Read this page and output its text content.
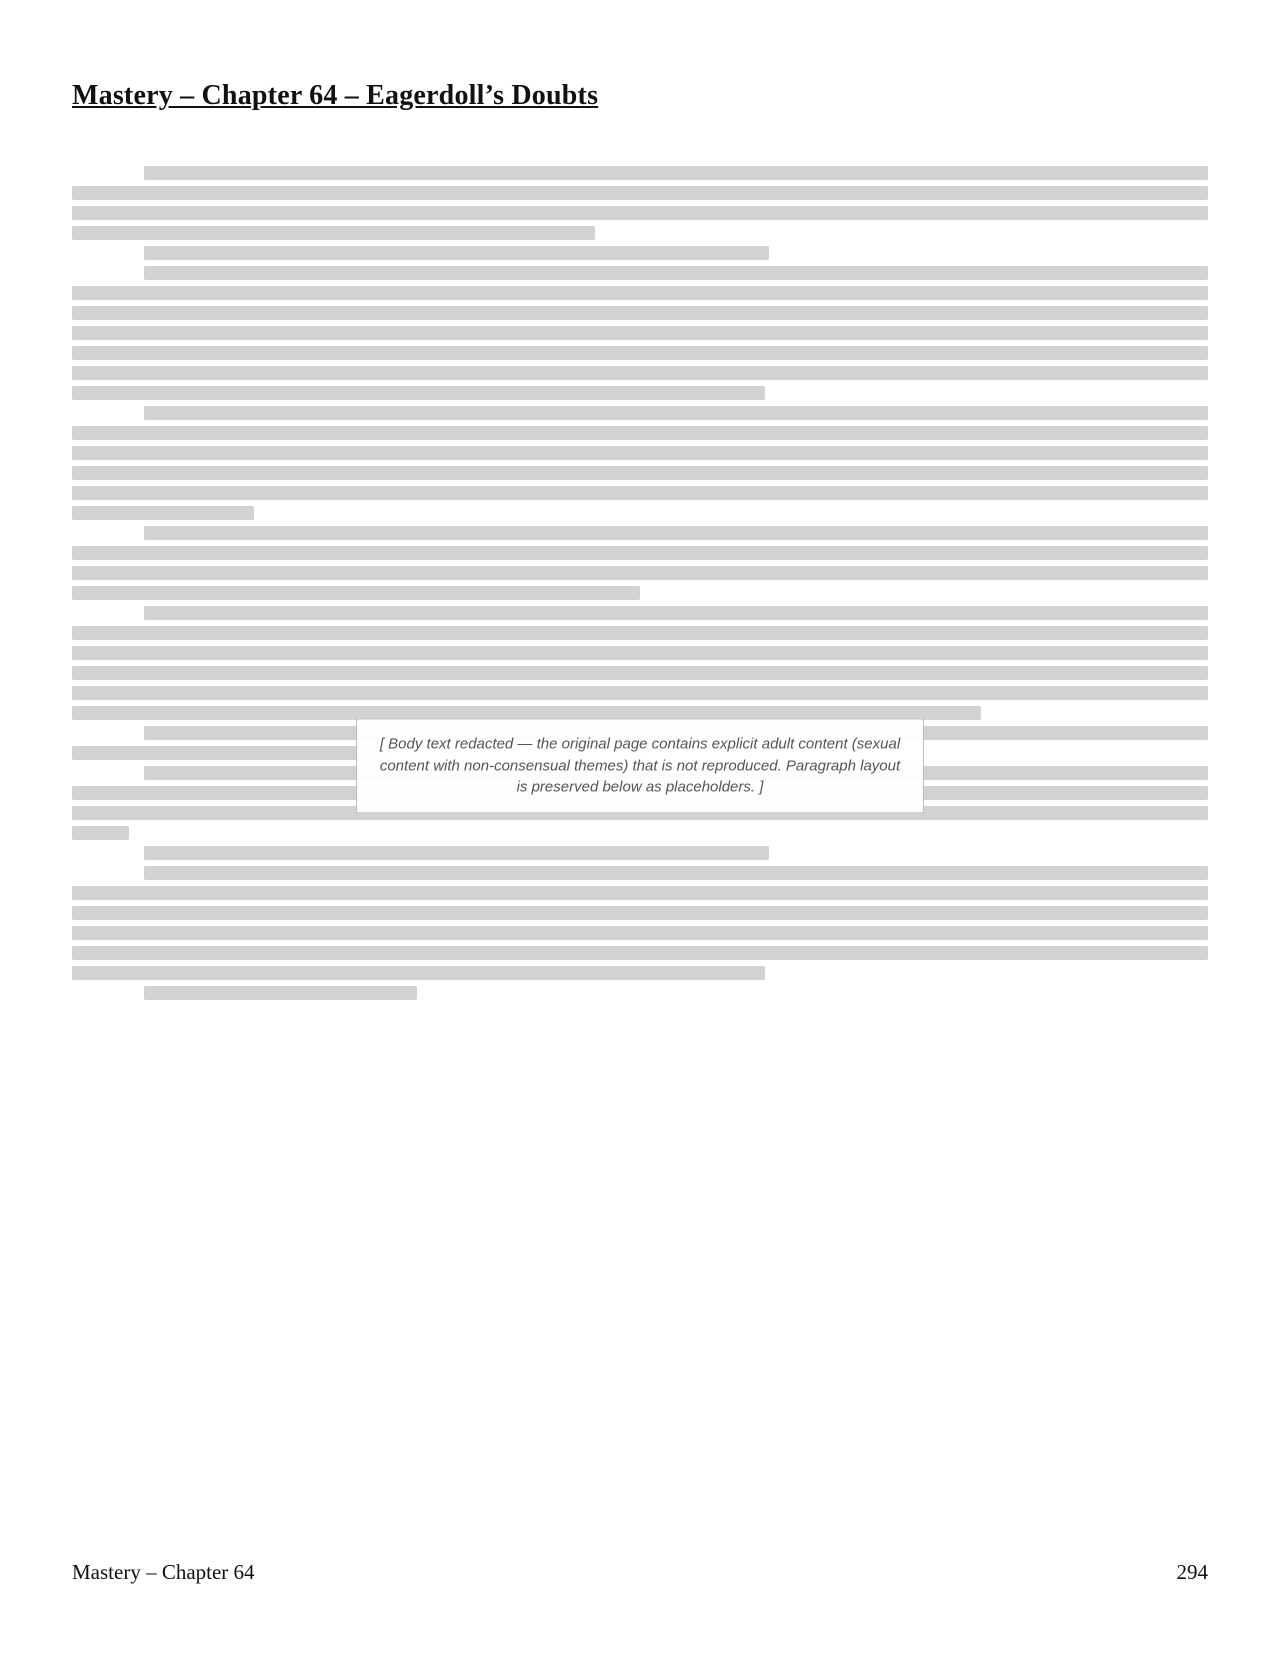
Mastery – Chapter 64 – Eagerdoll’s Doubts
[ Body text redacted — the original page contains explicit adult content (sexual content with non-consensual themes) that is not reproduced. Paragraph layout is preserved below as placeholders. ]
Mastery – Chapter 64	294
